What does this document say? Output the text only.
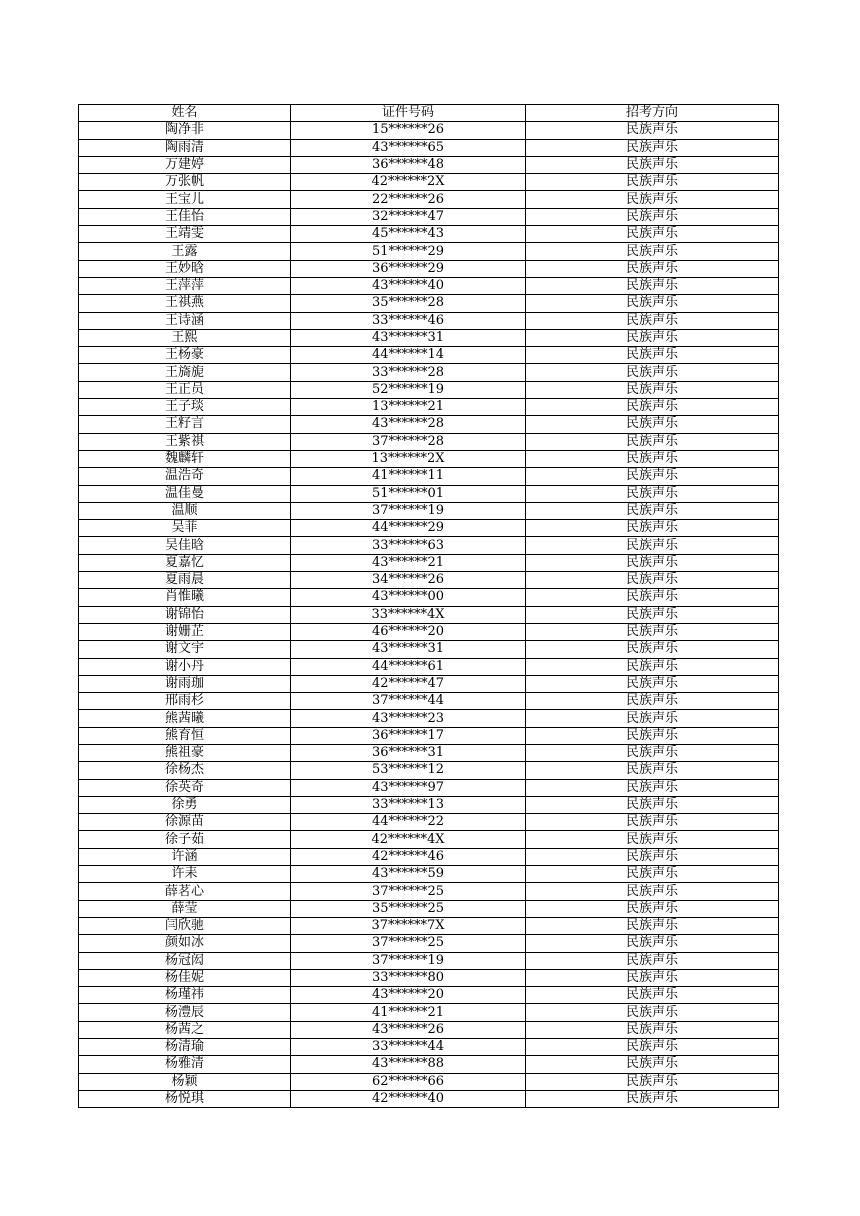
姓名	证件号码	招考方向
陶净非	15******26	民族声乐
陶雨清	43******65	民族声乐
万建婷	36******48	民族声乐
万张帆	42******2X	民族声乐
王宝儿	22******26	民族声乐
王佳怡	32******47	民族声乐
王靖雯	45******43	民族声乐
王露	51******29	民族声乐
王妙晗	36******29	民族声乐
王萍萍	43******40	民族声乐
王祺燕	35******28	民族声乐
王诗涵	33******46	民族声乐
王熙	43******31	民族声乐
王杨豪	44******14	民族声乐
王旖旎	33******28	民族声乐
王正员	52******19	民族声乐
王子琰	13******21	民族声乐
王籽言	43******28	民族声乐
王紫祺	37******28	民族声乐
魏麟轩	13******2X	民族声乐
温浩奇	41******11	民族声乐
温佳曼	51******01	民族声乐
温顺	37******19	民族声乐
吴菲	44******29	民族声乐
吴佳晗	33******63	民族声乐
夏嘉忆	43******21	民族声乐
夏雨晨	34******26	民族声乐
肖惟曦	43******00	民族声乐
谢锦怡	33******4X	民族声乐
谢姗芷	46******20	民族声乐
谢文宇	43******31	民族声乐
谢小丹	44******61	民族声乐
谢雨珈	42******47	民族声乐
邢雨杉	37******44	民族声乐
熊茜曦	43******23	民族声乐
熊育恒	36******17	民族声乐
熊祖豪	36******31	民族声乐
徐杨杰	53******12	民族声乐
徐英奇	43******97	民族声乐
徐勇	33******13	民族声乐
徐源苗	44******22	民族声乐
徐子茹	42******4X	民族声乐
许涵	42******46	民族声乐
许耒	43******59	民族声乐
薛茗心	37******25	民族声乐
薛莹	35******25	民族声乐
闫欣驰	37******7X	民族声乐
颜如冰	37******25	民族声乐
杨冠闳	37******19	民族声乐
杨佳妮	33******80	民族声乐
杨瑾祎	43******20	民族声乐
杨澧辰	41******21	民族声乐
杨茜之	43******26	民族声乐
杨清瑜	33******44	民族声乐
杨雅清	43******88	民族声乐
杨颖	62******66	民族声乐
杨悦琪	42******40	民族声乐
